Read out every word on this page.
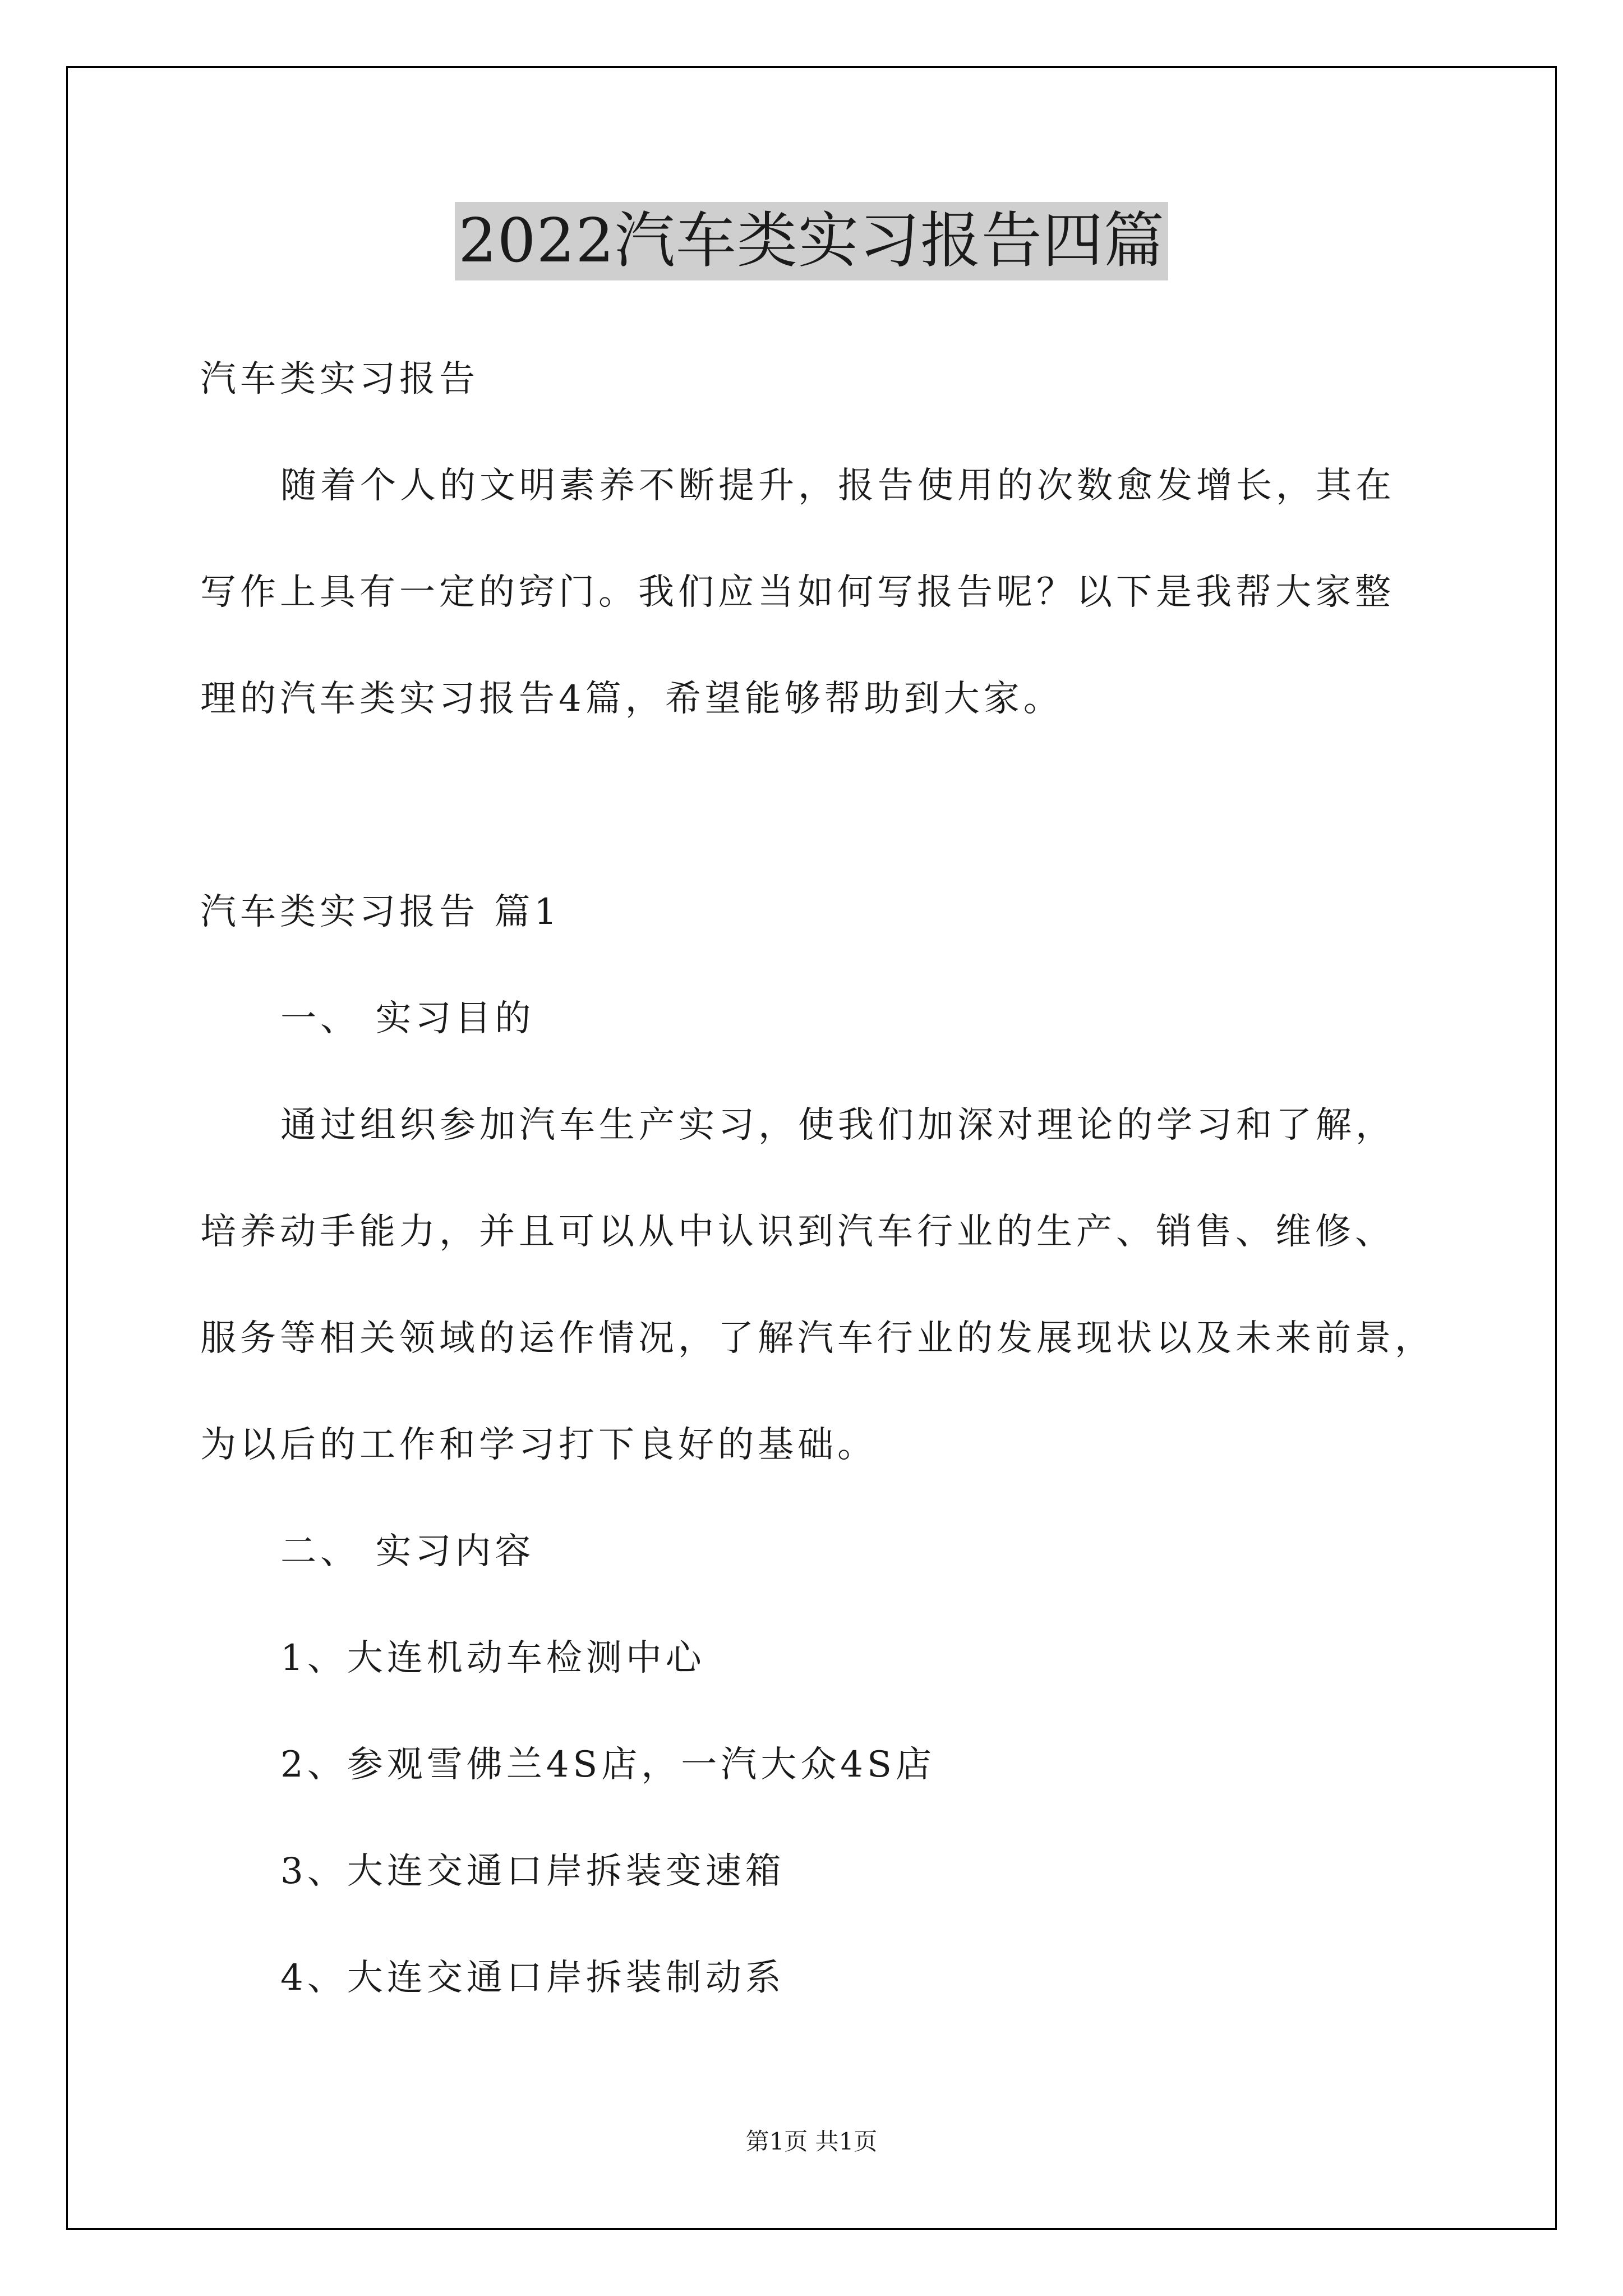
2022汽车类实习报告四篇
汽车类实习报告
随着个人的文明素养不断提升，报告使用的次数愈发增长，其在
写作上具有一定的窍门。我们应当如何写报告呢？以下是我帮大家整
理的汽车类实习报告4篇，希望能够帮助到大家。
汽车类实习报告 篇1
一、 实习目的
通过组织参加汽车生产实习，使我们加深对理论的学习和了解，
培养动手能力，并且可以从中认识到汽车行业的生产、销售、维修、
服务等相关领域的运作情况，了解汽车行业的发展现状以及未来前景，
为以后的工作和学习打下良好的基础。
二、 实习内容
1、大连机动车检测中心
2、参观雪佛兰4S店，一汽大众4S店
3、大连交通口岸拆装变速箱
4、大连交通口岸拆装制动系
第1页 共1页
